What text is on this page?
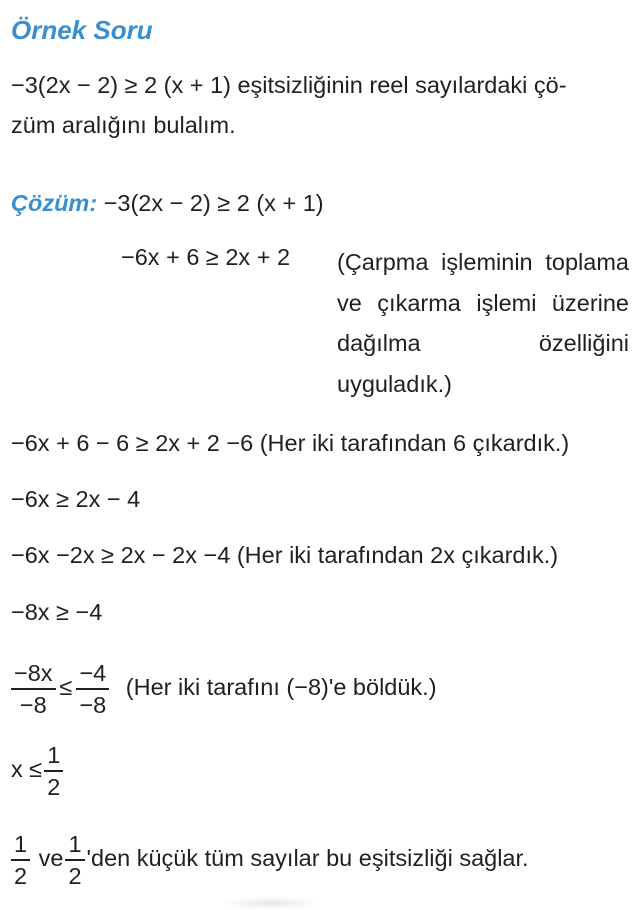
Örnek Soru
−3(2x − 2) ≥ 2 (x + 1) eşitsizliğinin reel sayılardaki çö-
züm aralığını bulalım.
Çözüm: −3(2x − 2) ≥ 2 (x + 1)
−6x + 6 ≥ 2x + 2 (Çarpma işleminin toplama ve çıkarma işlemi üzerine dağılma özelliğini uyguladık.)
−6x + 6 − 6 ≥ 2x + 2 −6 (Her iki tarafından 6 çıkardık.)
−6x ≥ 2x − 4
−6x −2x ≥ 2x − 2x −4 (Her iki tarafından 2x çıkardık.)
−8x ≥ −4
$\frac{-8x}{-8} \le \frac{-4}{-8} (Her$ iki tarafını (−8)'e böldük.)
$x \le \frac{1}{2}$
$\frac{1}{2}$ ve $\frac{1}{2}$ 'den küçük tüm sayılar bu eşitsizliği sağlar.
